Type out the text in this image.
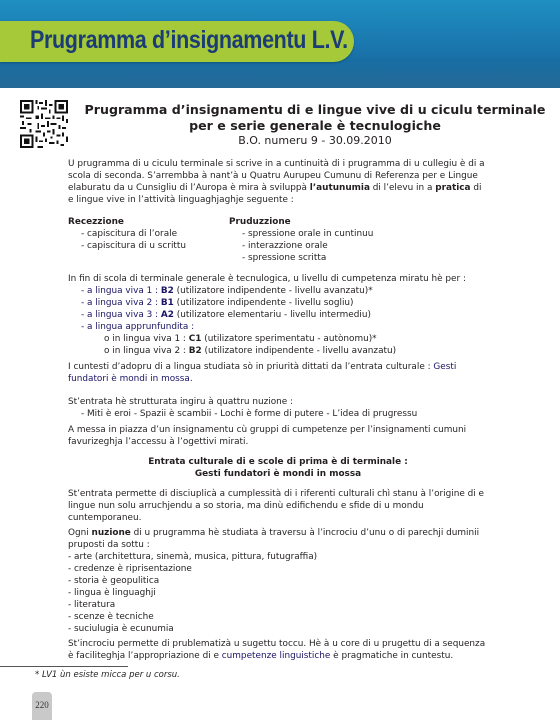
Prugramma d’insignamentu L.V.
Prugramma d’insignamentu di e lingue vive di u ciculu terminale
per e serie generale è tecnulogiche
B.O. numeru 9 - 30.09.2010

U prugramma di u ciculu terminale si scrive in a cuntinuità di i prugramma di u cullegiu è di a scola di seconda. S’arrembba à nant’à u Quatru Aurupeu Cumunu di Referenza per e Lingue elaburatu da u Cunsigliu di l’Auropa è mira à sviluppà l’autunumia di l’elevu in a pratica di e lingue vive in l’attività linguaghjaghje seguente :

Recezzione

- capiscitura di l’orale

- capiscitura di u scrittu

Pruduzzione

- spressione orale in cuntinuu

- interazzione orale

- spressione scritta

In fin di scola di terminale generale è tecnulogica, u livellu di cumpetenza miratu hè per :

- a lingua viva 1 : B2 (utilizatore indipendente - livellu avanzatu)*

- a lingua viva 2 : B1 (utilizatore indipendente - livellu sogliu)

- a lingua viva 3 : A2 (utilizatore elementariu - livellu intermediu)

- a lingua apprunfundita :

o in lingua viva 1 : C1 (utilizatore sperimentatu - autònomu)*

o in lingua viva 2 : B2 (utilizatore indipendente - livellu avanzatu)

I cuntesti d’adopru di a lingua studiata sò in priurità dittati da l’entrata culturale : Gesti fundatori è mondi in mossa.

St’entrata hè strutturata ingiru à quattru nuzione :

- Miti è eroi - Spazii è scambii - Lochi è forme di putere - L’idea di prugressu

A messa in piazza d’un insignamentu cù gruppi di cumpetenze per l’insignamenti cumuni favurizeghja l’accessu à l’ogettivi mirati.

Entrata culturale di e scole di prima è di terminale :
Gesti fundatori è mondi in mossa

St’entrata permette di disciuplicà a cumplessità di i riferenti culturali chì stanu à l’origine di e lingue nun solu arruchjendu a so storia, ma dinù edifichendu e sfide di u mondu cuntemporaneu.

Ogni nuzione di u prugramma hè studiata à traversu à l’incrociu d’unu o di parechji duminii pruposti da sottu :

- arte (architettura, sinemà, musica, pittura, futugraffia)

- credenze è riprisentazione

- storia è geopulitica

- lingua è linguaghji

- literatura

- scenze è tecniche

- suciulugia è ecunumia

St’incrociu permette di prublematizà u sugettu toccu. Hè à u core di u prugettu di a sequenza è faciliteghja l’appropriazione di e cumpetenze linguistiche è pragmatiche in cuntestu.

* LV1 ùn esiste micca per u corsu.
220
